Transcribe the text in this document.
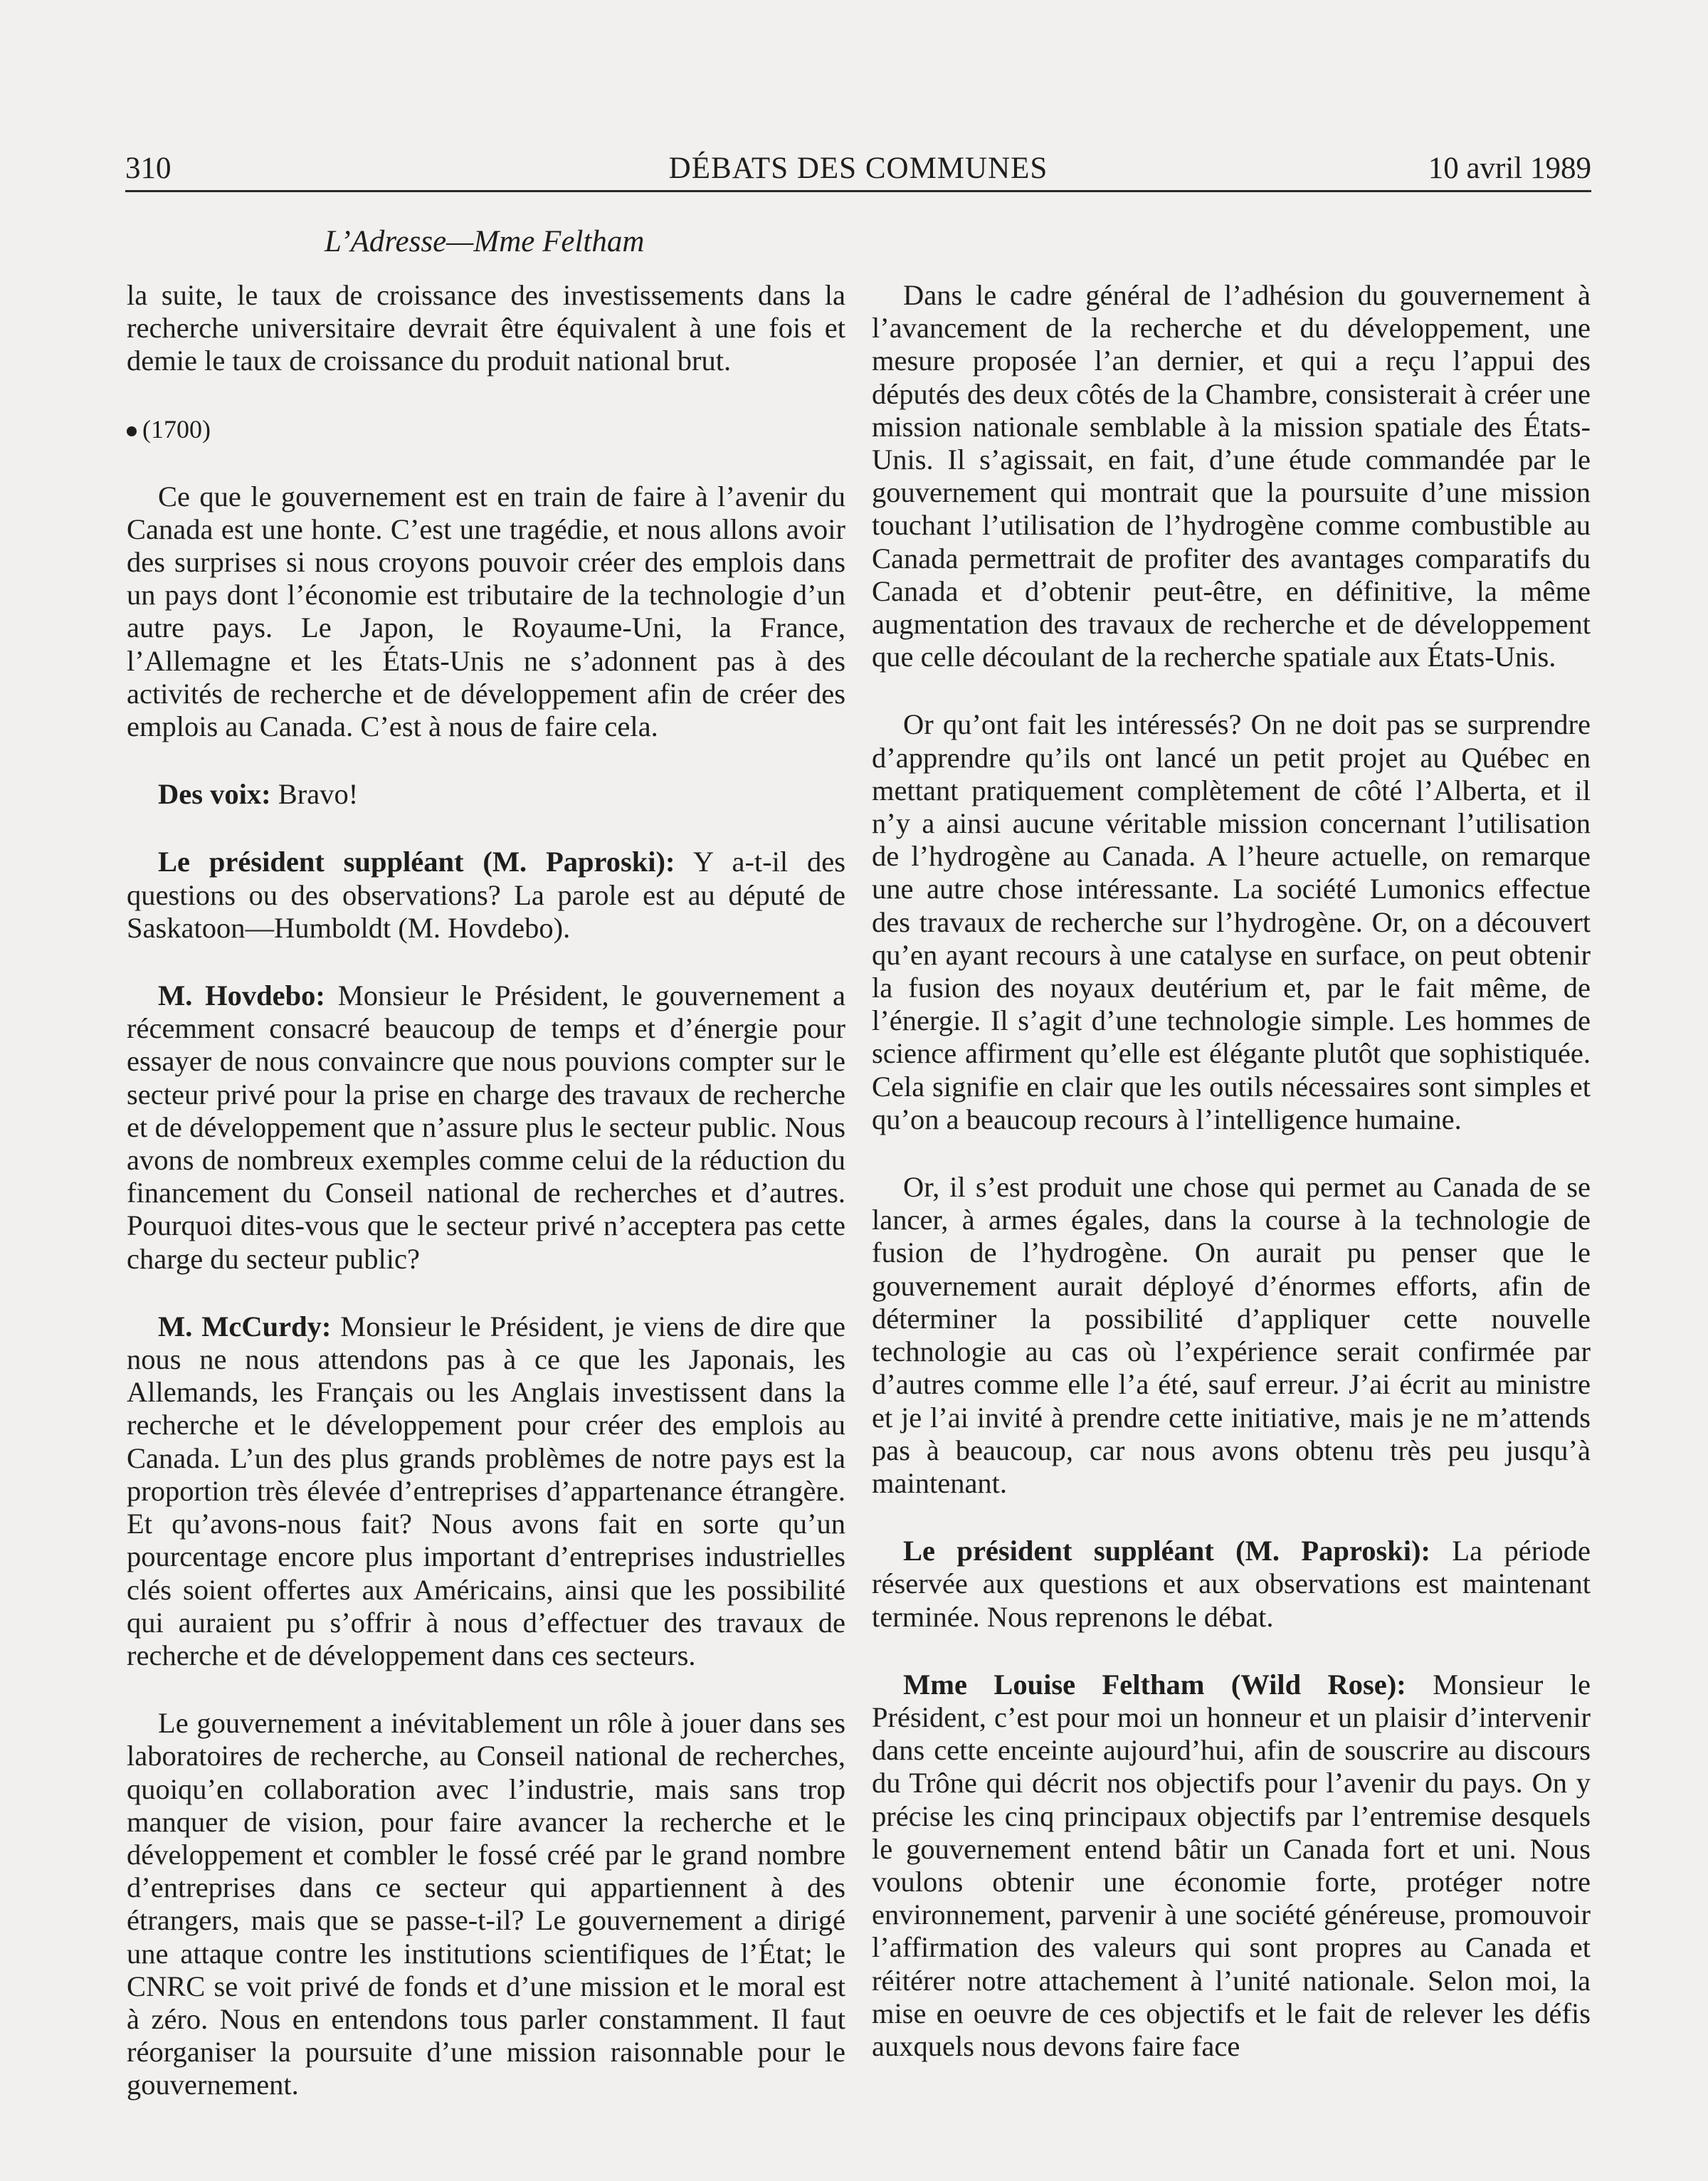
310	DÉBATS DES COMMUNES	10 avril 1989
L’Adresse—Mme Feltham

la suite, le taux de croissance des investissements dans la recherche universitaire devrait être équivalent à une fois et demie le taux de croissance du produit national brut.

(1700)

Ce que le gouvernement est en train de faire à l’avenir du Canada est une honte. C’est une tragédie, et nous allons avoir des surprises si nous croyons pouvoir créer des emplois dans un pays dont l’économie est tributaire de la technologie d’un autre pays. Le Japon, le Royaume-Uni, la France, l’Allemagne et les États-Unis ne s’adonnent pas à des activités de recherche et de développement afin de créer des emplois au Canada. C’est à nous de faire cela.

Des voix: Bravo!

Le président suppléant (M. Paproski): Y a-t-il des questions ou des observations? La parole est au député de Saskatoon—Humboldt (M. Hovdebo).

M. Hovdebo: Monsieur le Président, le gouvernement a récemment consacré beaucoup de temps et d’énergie pour essayer de nous convaincre que nous pouvions compter sur le secteur privé pour la prise en charge des travaux de recherche et de développement que n’assure plus le secteur public. Nous avons de nombreux exemples comme celui de la réduction du financement du Conseil national de recherches et d’autres. Pourquoi dites-vous que le secteur privé n’acceptera pas cette charge du secteur public?

M. McCurdy: Monsieur le Président, je viens de dire que nous ne nous attendons pas à ce que les Japonais, les Allemands, les Français ou les Anglais investissent dans la recherche et le développement pour créer des emplois au Canada. L’un des plus grands problèmes de notre pays est la proportion très élevée d’entreprises d’appartenance étrangère. Et qu’avons-nous fait? Nous avons fait en sorte qu’un pourcentage encore plus important d’entreprises industrielles clés soient offertes aux Américains, ainsi que les possibilité qui auraient pu s’offrir à nous d’effectuer des travaux de recherche et de développement dans ces secteurs.

Le gouvernement a inévitablement un rôle à jouer dans ses laboratoires de recherche, au Conseil national de recherches, quoiqu’en collaboration avec l’industrie, mais sans trop manquer de vision, pour faire avancer la recherche et le développement et combler le fossé créé par le grand nombre d’entreprises dans ce secteur qui appartiennent à des étrangers, mais que se passe-t-il? Le gouvernement a dirigé une attaque contre les institutions scientifiques de l’État; le CNRC se voit privé de fonds et d’une mission et le moral est à zéro. Nous en entendons tous parler constamment. Il faut réorganiser la poursuite d’une mission raisonnable pour le gouvernement.

Dans le cadre général de l’adhésion du gouvernement à l’avancement de la recherche et du développement, une mesure proposée l’an dernier, et qui a reçu l’appui des députés des deux côtés de la Chambre, consisterait à créer une mission nationale semblable à la mission spatiale des États-Unis. Il s’agissait, en fait, d’une étude commandée par le gouvernement qui montrait que la poursuite d’une mission touchant l’utilisation de l’hydrogène comme combustible au Canada permettrait de profiter des avantages comparatifs du Canada et d’obtenir peut-être, en définitive, la même augmentation des travaux de recherche et de développement que celle découlant de la recherche spatiale aux États-Unis.

Or qu’ont fait les intéressés? On ne doit pas se surprendre d’apprendre qu’ils ont lancé un petit projet au Québec en mettant pratiquement complètement de côté l’Alberta, et il n’y a ainsi aucune véritable mission concernant l’utilisation de l’hydrogène au Canada. A l’heure actuelle, on remarque une autre chose intéressante. La société Lumonics effectue des travaux de recherche sur l’hydrogène. Or, on a découvert qu’en ayant recours à une catalyse en surface, on peut obtenir la fusion des noyaux deutérium et, par le fait même, de l’énergie. Il s’agit d’une technologie simple. Les hommes de science affirment qu’elle est élégante plutôt que sophistiquée. Cela signifie en clair que les outils nécessaires sont simples et qu’on a beaucoup recours à l’intelligence humaine.

Or, il s’est produit une chose qui permet au Canada de se lancer, à armes égales, dans la course à la technologie de fusion de l’hydrogène. On aurait pu penser que le gouvernement aurait déployé d’énormes efforts, afin de déterminer la possibilité d’appliquer cette nouvelle technologie au cas où l’expérience serait confirmée par d’autres comme elle l’a été, sauf erreur. J’ai écrit au ministre et je l’ai invité à prendre cette initiative, mais je ne m’attends pas à beaucoup, car nous avons obtenu très peu jusqu’à maintenant.

Le président suppléant (M. Paproski): La période réservée aux questions et aux observations est maintenant terminée. Nous reprenons le débat.

Mme Louise Feltham (Wild Rose): Monsieur le Président, c’est pour moi un honneur et un plaisir d’intervenir dans cette enceinte aujourd’hui, afin de souscrire au discours du Trône qui décrit nos objectifs pour l’avenir du pays. On y précise les cinq principaux objectifs par l’entremise desquels le gouvernement entend bâtir un Canada fort et uni. Nous voulons obtenir une économie forte, protéger notre environnement, parvenir à une société généreuse, promouvoir l’affirmation des valeurs qui sont propres au Canada et réitérer notre attachement à l’unité nationale. Selon moi, la mise en oeuvre de ces objectifs et le fait de relever les défis auxquels nous devons faire face
